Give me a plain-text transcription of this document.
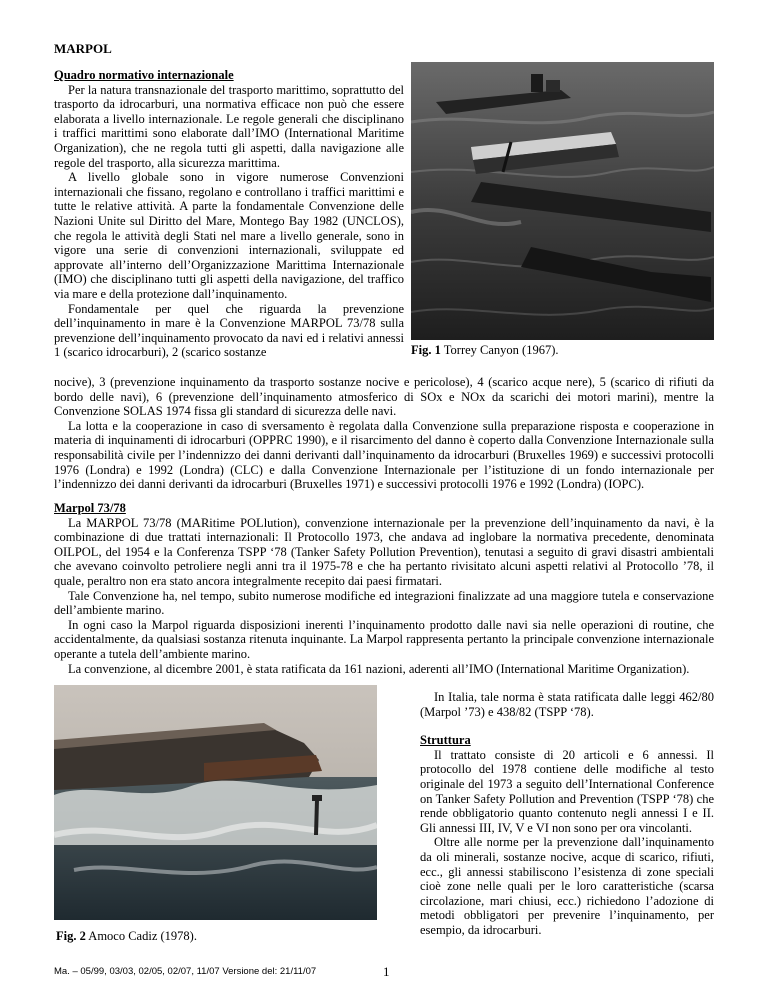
MARPOL

Quadro normativo internazionale

Per la natura transnazionale del trasporto marittimo, soprattutto del trasporto da idrocarburi, una normativa efficace non può che essere elaborata a livello internazionale. Le regole generali che disciplinano i traffici marittimi sono elaborate dall’IMO (International Maritime Organization), che ne regola tutti gli aspetti, dalla navigazione alle regole del trasporto, alla sicurezza marittima.

A livello globale sono in vigore numerose Convenzioni internazionali che fissano, regolano e controllano i traffici marittimi e tutte le relative attività. A parte la fondamentale Convenzione delle Nazioni Unite sul Diritto del Mare, Montego Bay 1982 (UNCLOS), che regola le attività degli Stati nel mare a livello generale, sono in vigore una serie di convenzioni internazionali, sviluppate ed approvate all’interno dell’Organizzazione Marittima Internazionale (IMO) che disciplinano tutti gli aspetti della navigazione, del traffico via mare e della protezione dall’inquinamento.

Fondamentale per quel che riguarda la prevenzione dell’inquinamento in mare è la Convenzione MARPOL 73/78 sulla prevenzione dell’inquinamento provocato da navi ed i relativi annessi 1 (scarico idrocarburi), 2 (scarico sostanze	Fig. 1 Torrey Canyon (1967).

nocive), 3 (prevenzione inquinamento da trasporto sostanze nocive e pericolose), 4 (scarico acque nere), 5 (scarico di rifiuti da bordo delle navi), 6 (prevenzione dell’inquinamento atmosferico di SOx e NOx da scarichi dei motori marini), mentre la Convenzione SOLAS 1974 fissa gli standard di sicurezza delle navi.

La lotta e la cooperazione in caso di sversamento è regolata dalla Convenzione sulla preparazione risposta e cooperazione in materia di inquinamenti di idrocarburi (OPPRC 1990), e il risarcimento del danno è coperto dalla Convenzione Internazionale sulla responsabilità civile per l’indennizzo dei danni derivanti dall’inquinamento da idrocarburi (Bruxelles 1969) e successivi protocolli 1976 (Londra) e 1992 (Londra) (CLC) e dalla Convenzione Internazionale per l’istituzione di un fondo internazionale per l’indennizzo dei danni derivanti da idrocarburi (Bruxelles 1971) e successivi protocolli 1976 e 1992 (Londra) (IOPC).

Marpol 73/78

La MARPOL 73/78 (MARitime POLlution), convenzione internazionale per la prevenzione dell’inquinamento da navi, è la combinazione di due trattati internazionali: Il Protocollo 1973, che andava ad inglobare la normativa precedente, denominata OILPOL, del 1954 e la Conferenza TSPP ‘78 (Tanker Safety Pollution Prevention), tenutasi a seguito di gravi disastri ambientali che avevano coinvolto petroliere negli anni tra il 1975-78 e che ha pertanto rivisitato alcuni aspetti relativi al Protocollo ’78, il quale, peraltro non era stato ancora integralmente recepito dai paesi firmatari.

Tale Convenzione ha, nel tempo, subito numerose modifiche ed integrazioni finalizzate ad una maggiore tutela e conservazione dell’ambiente marino.

In ogni caso la Marpol riguarda disposizioni inerenti l’inquinamento prodotto dalle navi sia nelle operazioni di routine, che accidentalmente, da qualsiasi sostanza ritenuta inquinante. La Marpol rappresenta pertanto la principale convenzione internazionale operante a tutela dell’ambiente marino.

La convenzione, al dicembre 2001, è stata ratificata da 161 nazioni, aderenti all’IMO (International Maritime Organization).

Fig. 2 Amoco Cadiz (1978).

In Italia, tale norma è stata ratificata dalle leggi 462/80 (Marpol ’73) e 438/82 (TSPP ‘78).

Struttura

Il trattato consiste di 20 articoli e 6 annessi. Il protocollo del 1978 contiene delle modifiche al testo originale del 1973 a seguito dell’International Conference on Tanker Safety Pollution and Prevention (TSPP ‘78) che rende obbligatorio quanto contenuto negli annessi I e II. Gli annessi III, IV, V e VI non sono per ora vincolanti.

Oltre alle norme per la prevenzione dall’inquinamento da oli minerali, sostanze nocive, acque di scarico, rifiuti, ecc., gli annessi stabiliscono l’esistenza di zone speciali cioè zone nelle quali per le loro caratteristiche (scarsa circolazione, mari chiusi, ecc.) richiedono l’adozione di metodi obbligatori per prevenire l’inquinamento, per esempio, da idrocarburi.

Ma. – 05/99, 03/03, 02/05, 02/07, 11/07 Versione del: 21/11/07	1
